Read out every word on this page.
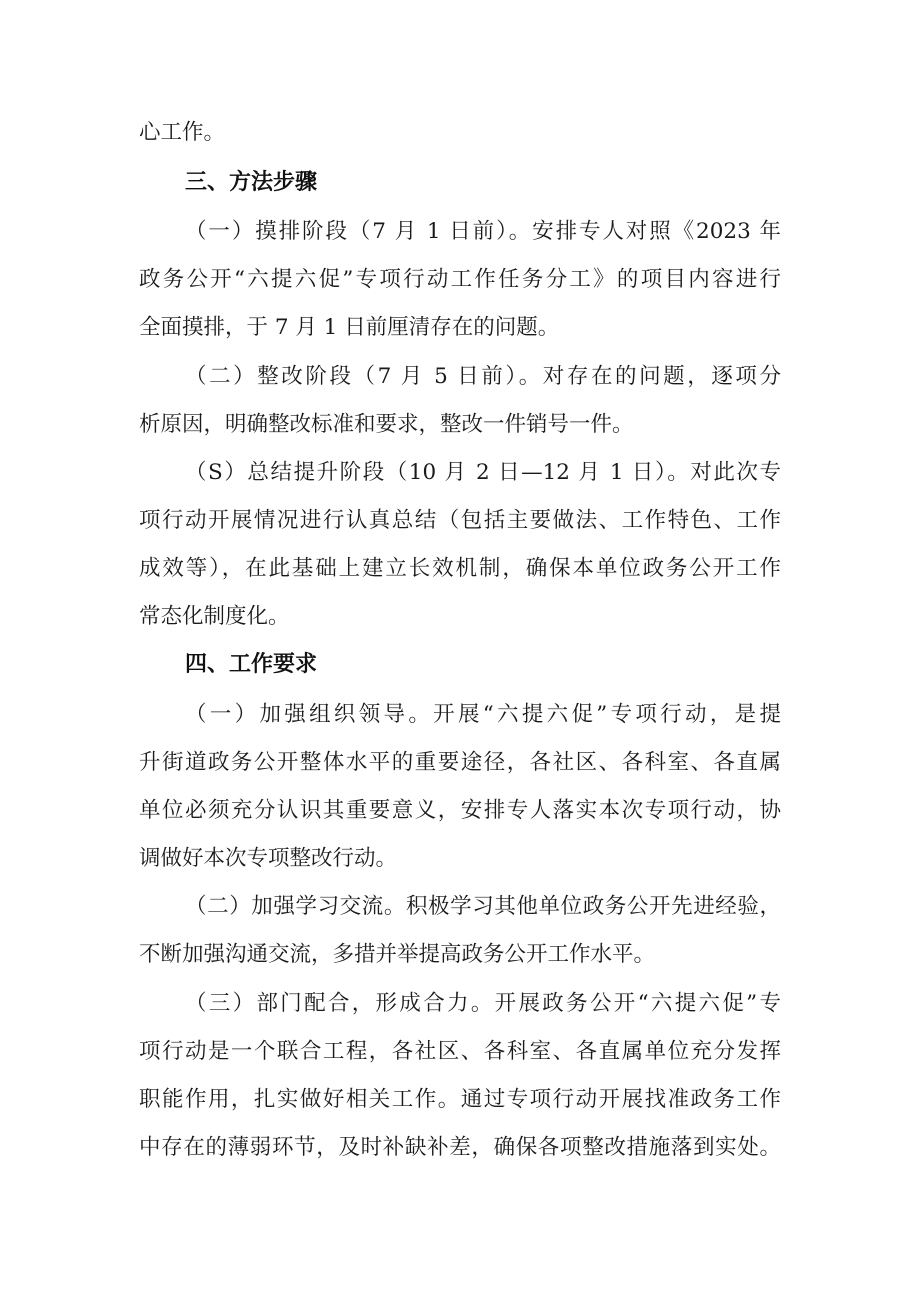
心工作。
三、方法步骤
（一）摸排阶段（7 月 1 日前）。安排专人对照《2023 年
政务公开“六提六促”专项行动工作任务分工》的项目内容进行
全面摸排，于 7 月 1 日前厘清存在的问题。
（二）整改阶段（7 月 5 日前）。对存在的问题，逐项分
析原因，明确整改标准和要求，整改一件销号一件。
（S）总结提升阶段（10 月 2 日—12 月 1 日）。对此次专
项行动开展情况进行认真总结（包括主要做法、工作特色、工作
成效等），在此基础上建立长效机制，确保本单位政务公开工作
常态化制度化。
四、工作要求
（一）加强组织领导。开展“六提六促”专项行动，是提
升街道政务公开整体水平的重要途径，各社区、各科室、各直属
单位必须充分认识其重要意义，安排专人落实本次专项行动，协
调做好本次专项整改行动。
（二）加强学习交流。积极学习其他单位政务公开先进经验，
不断加强沟通交流，多措并举提高政务公开工作水平。
（三）部门配合，形成合力。开展政务公开“六提六促”专
项行动是一个联合工程，各社区、各科室、各直属单位充分发挥
职能作用，扎实做好相关工作。通过专项行动开展找准政务工作
中存在的薄弱环节，及时补缺补差，确保各项整改措施落到实处。
